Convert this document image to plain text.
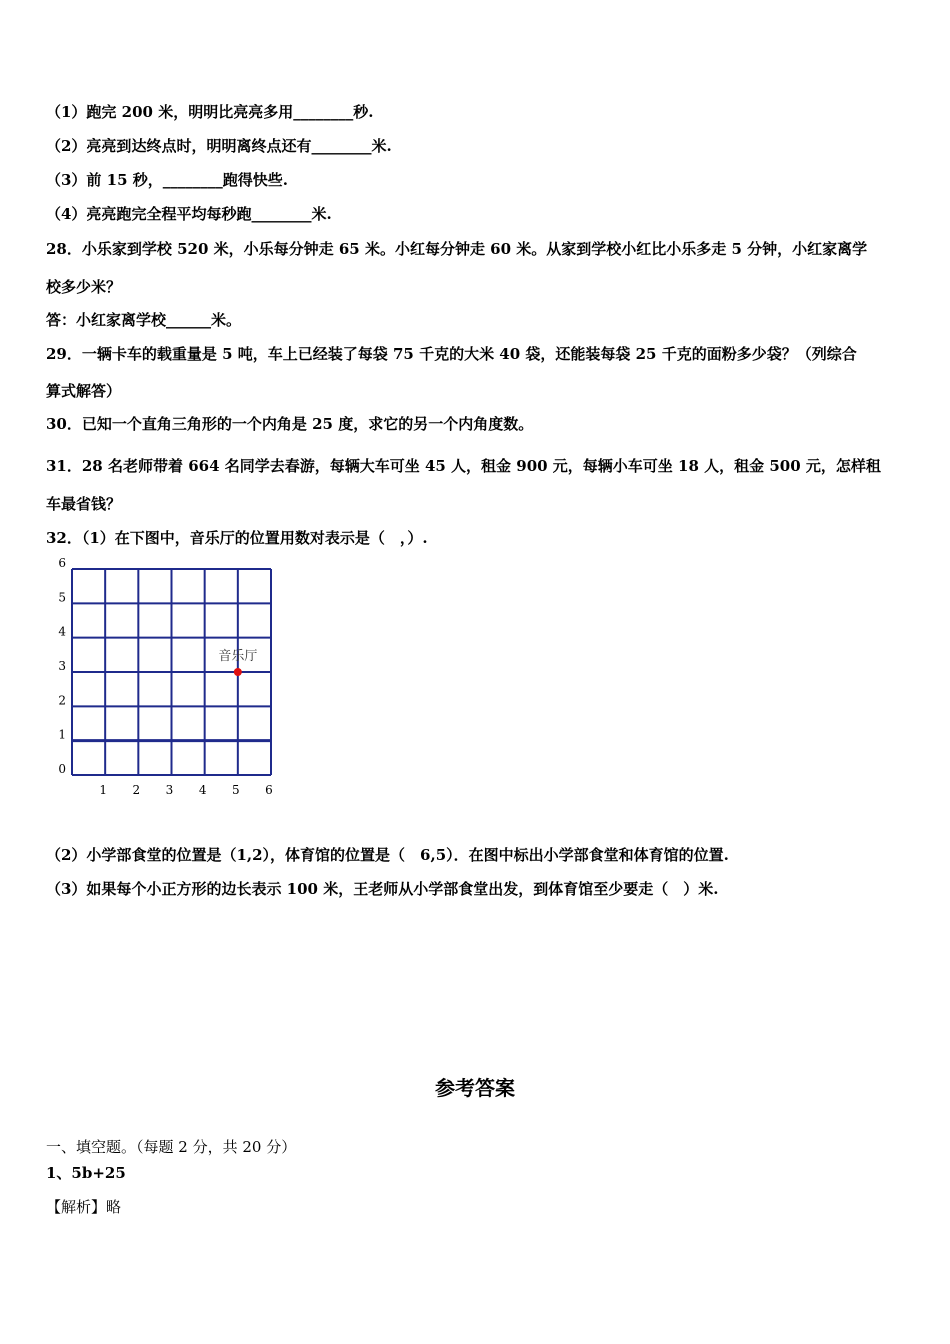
（1）跑完 200 米，明明比亮亮多用________秒.
（2）亮亮到达终点时，明明离终点还有________米.
（3）前 15 秒，________跑得快些.
（4）亮亮跑完全程平均每秒跑________米.
28．小乐家到学校 520 米，小乐每分钟走 65 米。小红每分钟走 60 米。从家到学校小红比小乐多走 5 分钟，小红家离学
校多少米？
答：小红家离学校______米。
29．一辆卡车的载重量是 5 吨，车上已经装了每袋 75 千克的大米 40 袋，还能装每袋 25 千克的面粉多少袋？（列综合
算式解答）
30．已知一个直角三角形的一个内角是 25 度，求它的另一个内角度数。
31．28 名老师带着 664 名同学去春游，每辆大车可坐 45 人，租金 900 元，每辆小车可坐 18 人，租金 500 元，怎样租
车最省钱？
32．（1）在下图中，音乐厅的位置用数对表示是（　，）.
1 2 3 4 5 6
0
1
2
3
4
5
6
音乐厅
（2）小学部食堂的位置是（1,2），体育馆的位置是（　6,5）．在图中标出小学部食堂和体育馆的位置.
（3）如果每个小正方形的边长表示 100 米，王老师从小学部食堂出发，到体育馆至少要走（　）米.
参考答案
一、填空题。（每题 2 分，共 20 分）
1、5b+25
【解析】略
